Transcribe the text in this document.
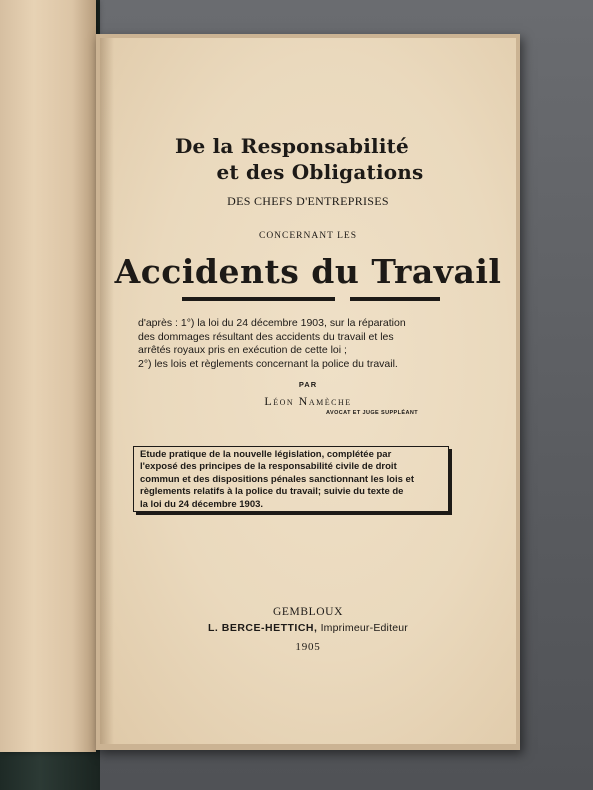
De la Responsabilité
et des Obligations
DES CHEFS D'ENTREPRISES
CONCERNANT LES
Accidents du Travail

d'après : 1°) la loi du 24 décembre 1903, sur la réparation

des dommages résultant des accidents du travail et les

arrêtés royaux pris en exécution de cette loi ;

2°) les lois et règlements concernant la police du travail.

PAR
Léon Namèche
AVOCAT ET JUGE SUPPLÉANT

Etude pratique de la nouvelle législation, complétée par

l'exposé des principes de la responsabilité civile de droit

commun et des dispositions pénales sanctionnant les lois et

règlements relatifs à la police du travail; suivie du texte de

la loi du 24 décembre 1903.

GEMBLOUX
L. BERCE-HETTICH, Imprimeur-Editeur
1905
